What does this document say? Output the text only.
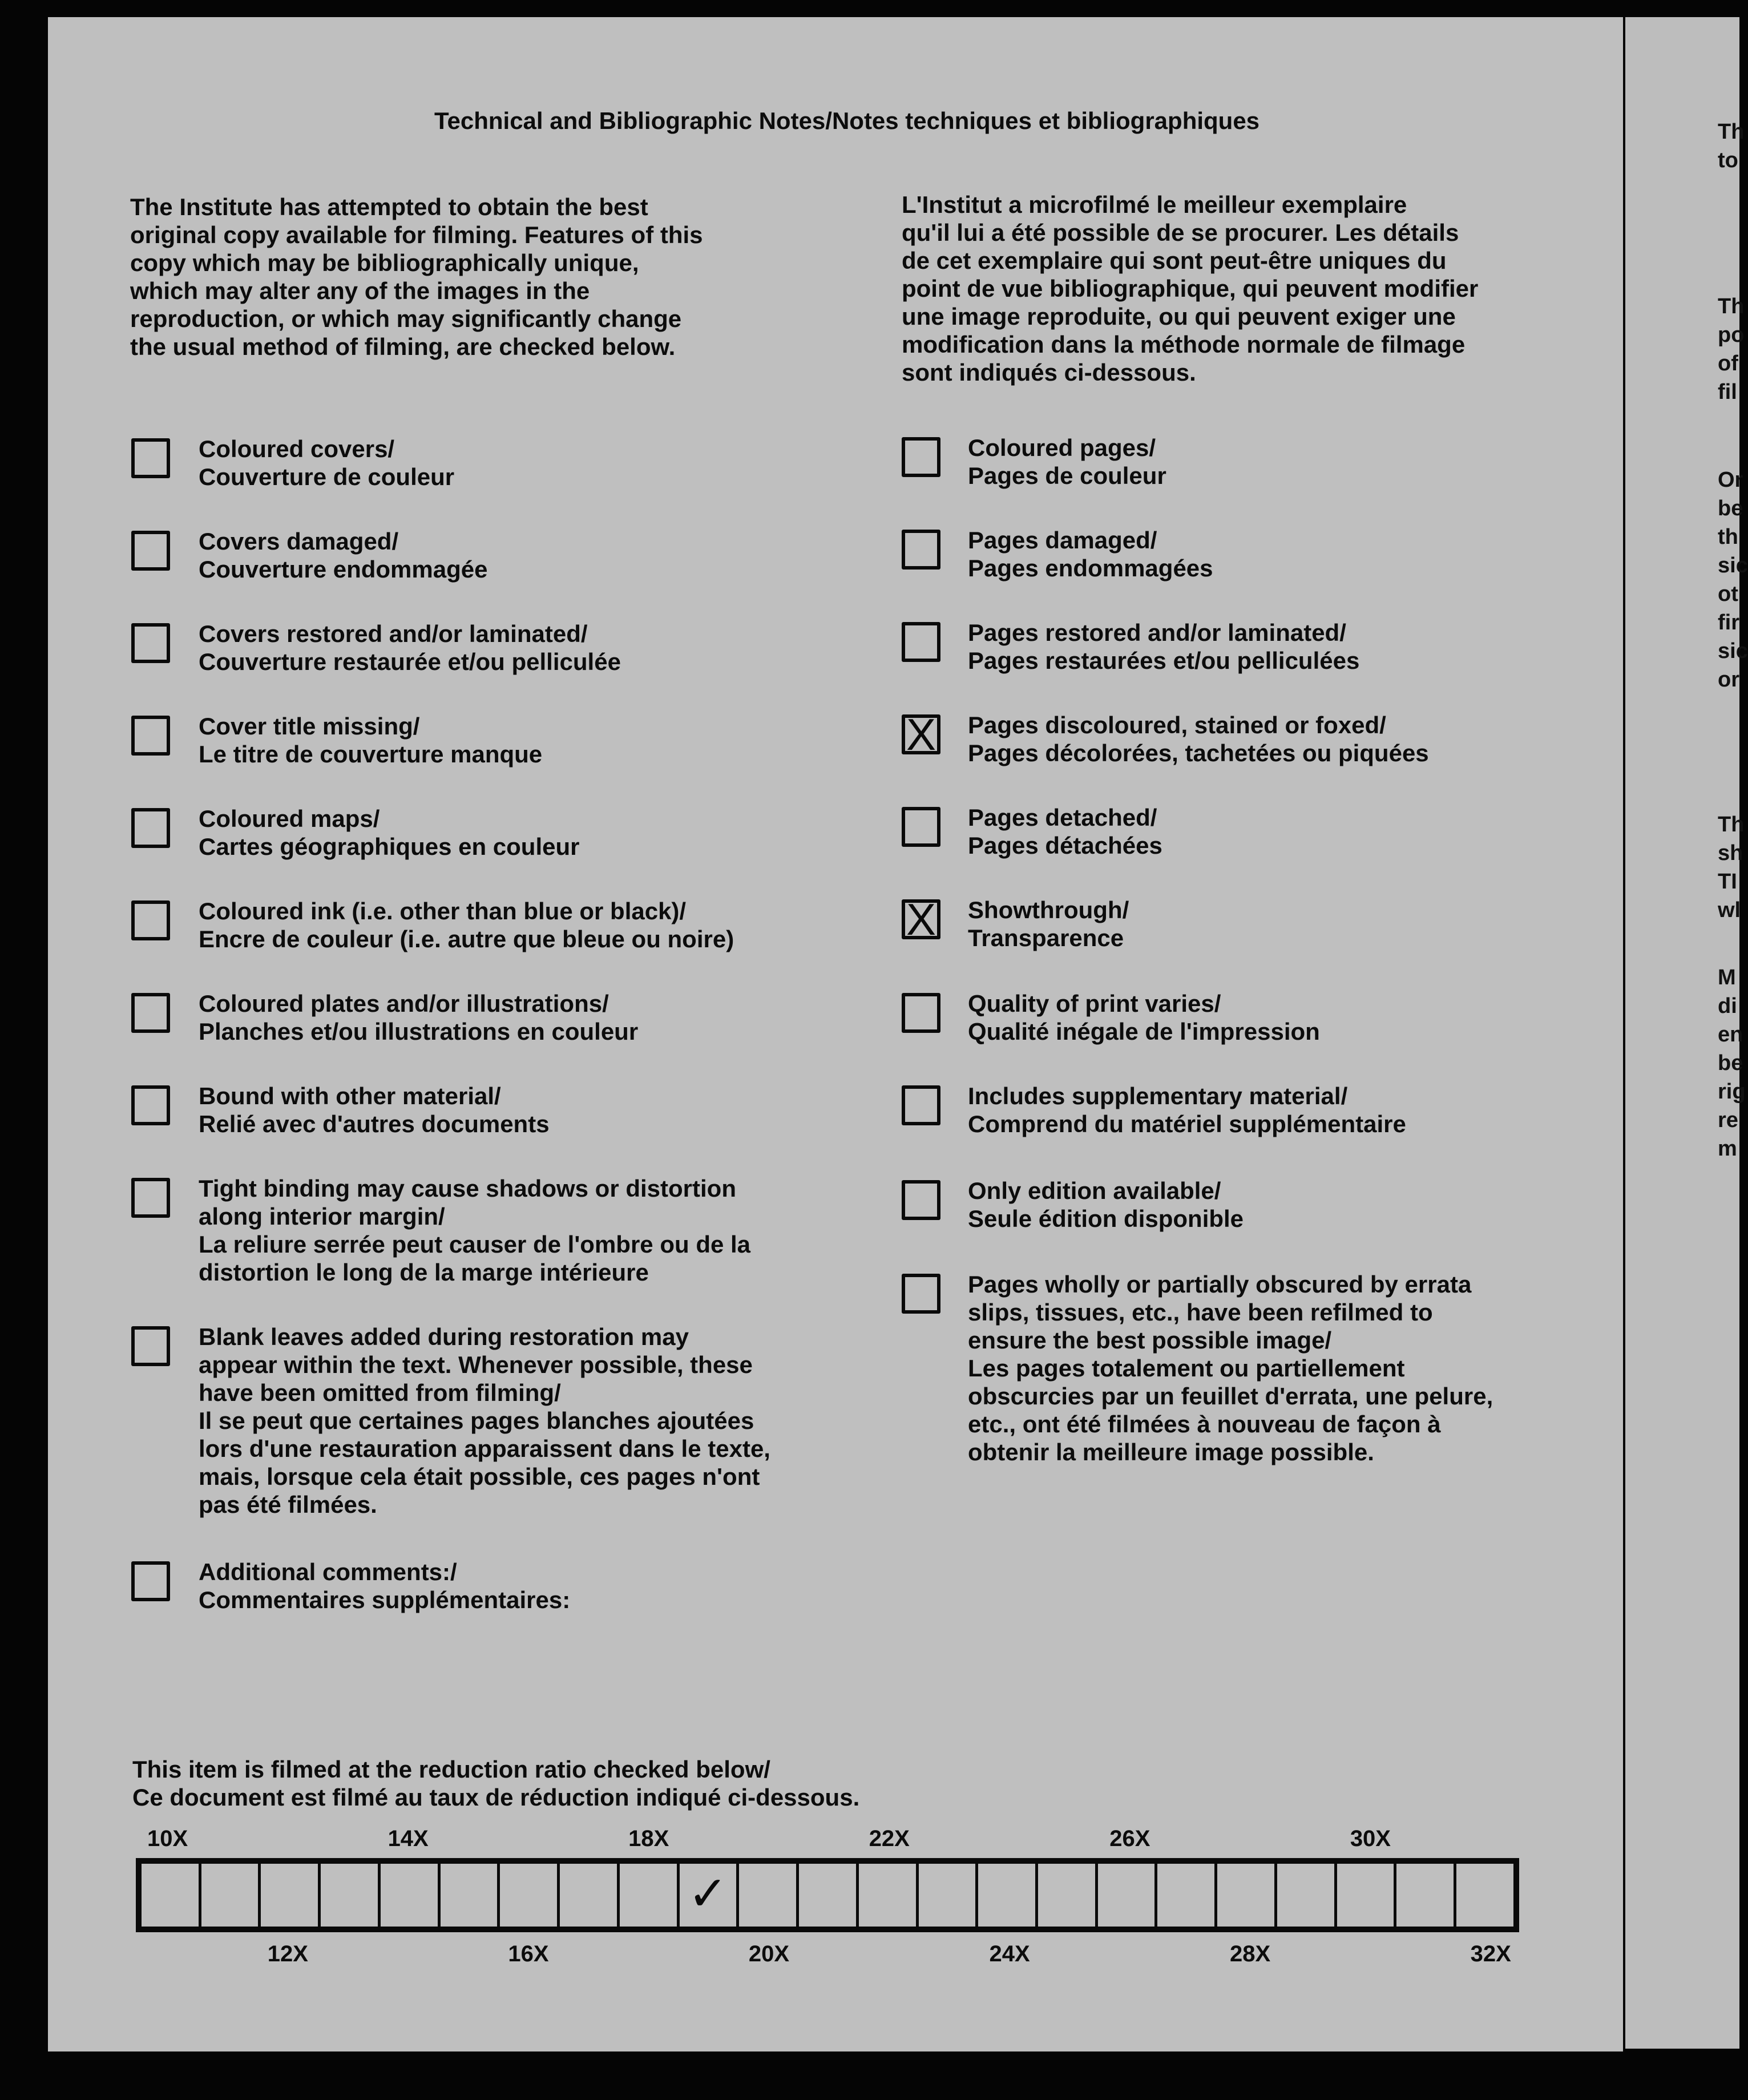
Technical and Bibliographic Notes/Notes techniques et bibliographiques
The Institute has attempted to obtain the best
original copy available for filming. Features of this
copy which may be bibliographically unique,
which may alter any of the images in the
reproduction, or which may significantly change
the usual method of filming, are checked below.
L'Institut a microfilmé le meilleur exemplaire
qu'il lui a été possible de se procurer. Les détails
de cet exemplaire qui sont peut-être uniques du
point de vue bibliographique, qui peuvent modifier
une image reproduite, ou qui peuvent exiger une
modification dans la méthode normale de filmage
sont indiqués ci-dessous.
Coloured covers/
Couverture de couleur
Covers damaged/
Couverture endommagée
Covers restored and/or laminated/
Couverture restaurée et/ou pelliculée
Cover title missing/
Le titre de couverture manque
Coloured maps/
Cartes géographiques en couleur
Coloured ink (i.e. other than blue or black)/
Encre de couleur (i.e. autre que bleue ou noire)
Coloured plates and/or illustrations/
Planches et/ou illustrations en couleur
Bound with other material/
Relié avec d'autres documents
Tight binding may cause shadows or distortion
along interior margin/
La reliure serrée peut causer de l'ombre ou de la
distortion le long de la marge intérieure
Blank leaves added during restoration may
appear within the text. Whenever possible, these
have been omitted from filming/
Il se peut que certaines pages blanches ajoutées
lors d'une restauration apparaissent dans le texte,
mais, lorsque cela était possible, ces pages n'ont
pas été filmées.
Additional comments:/
Commentaires supplémentaires:
Coloured pages/
Pages de couleur
Pages damaged/
Pages endommagées
Pages restored and/or laminated/
Pages restaurées et/ou pelliculées
X Pages discoloured, stained or foxed/
Pages décolorées, tachetées ou piquées
Pages detached/
Pages détachées
X Showthrough/
Transparence
Quality of print varies/
Qualité inégale de l'impression
Includes supplementary material/
Comprend du matériel supplémentaire
Only edition available/
Seule édition disponible
Pages wholly or partially obscured by errata
slips, tissues, etc., have been refilmed to
ensure the best possible image/
Les pages totalement ou partiellement
obscurcies par un feuillet d'errata, une pelure,
etc., ont été filmées à nouveau de façon à
obtenir la meilleure image possible.
This item is filmed at the reduction ratio checked below/
Ce document est filmé au taux de réduction indiqué ci-dessous.
✓
10X	14X	18X	22X	26X	30X
12X	16X	20X	24X	28X	32X
Th
to
Th
po
of
fil
Or
be
th
sic
ot
fir
sic
or
Th
sh
TI
wl
M
di
en
be
rig
re
m
